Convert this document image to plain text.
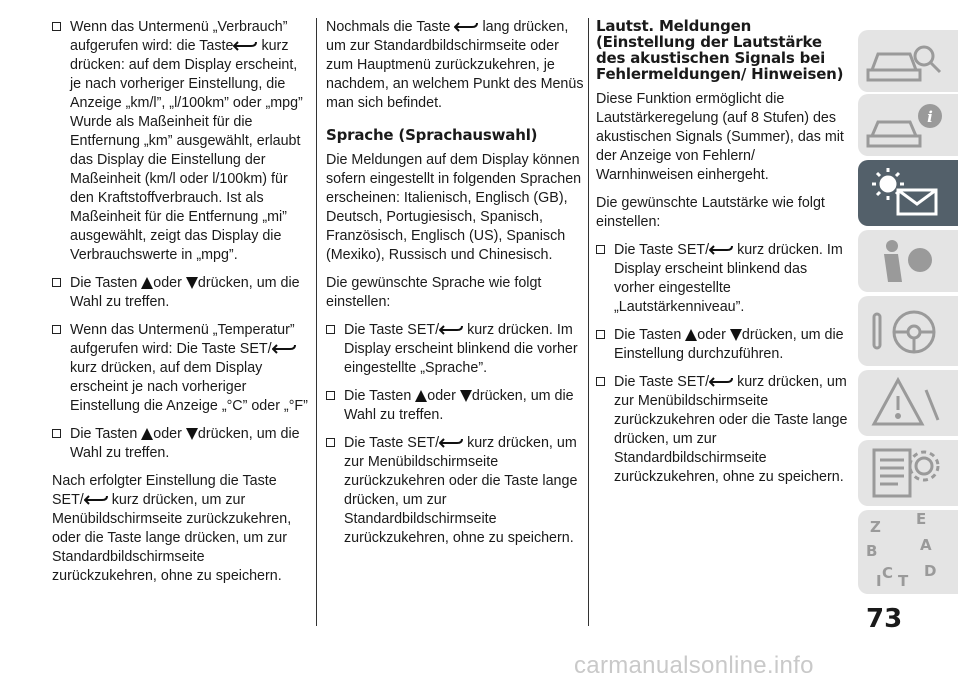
Wenn das Untermenü „Verbrauch” aufgerufen wird: die Taste kurz drücken: auf dem Display erscheint, je nach vorheriger Einstellung, die Anzeige „km/l”, „l/100km” oder „mpg” Wurde als Maßeinheit für die Entfernung „km” ausgewählt, erlaubt das Display die Einstellung der Maßeinheit (km/l oder l/100km) für den Kraftstoffverbrauch. Ist als Maßeinheit für die Entfernung „mi” ausgewählt, zeigt das Display die Verbrauchswerte in „mpg”.
Die Tasten oder drücken, um die Wahl zu treffen.
Wenn das Untermenü „Temperatur” aufgerufen wird: Die Taste SET/ kurz drücken, auf dem Display erscheint je nach vorheriger Einstellung die Anzeige „°C” oder „°F”
Die Tasten oder drücken, um die Wahl zu treffen.

Nach erfolgter Einstellung die Taste SET/ kurz drücken, um zur Menübildschirmseite zurückzukehren, oder die Taste lange drücken, um zur Standardbildschirmseite zurückzukehren, ohne zu speichern.

Nochmals die Taste lang drücken, um zur Standardbildschirmseite oder zum Hauptmenü zurückzukehren, je nachdem, an welchem Punkt des Menüs man sich befindet.

Sprache (Sprachauswahl)

Die Meldungen auf dem Display können sofern eingestellt in folgenden Sprachen erscheinen: Italienisch, Englisch (GB), Deutsch, Portugiesisch, Spanisch, Französisch, Englisch (US), Spanisch (Mexiko), Russisch und Chinesisch.

Die gewünschte Sprache wie folgt einstellen:

Die Taste SET/ kurz drücken. Im Display erscheint blinkend die vorher eingestellte „Sprache”.
Die Tasten oder drücken, um die Wahl zu treffen.
Die Taste SET/ kurz drücken, um zur Menübildschirmseite zurückzukehren oder die Taste lange drücken, um zur Standardbildschirmseite zurückzukehren, ohne zu speichern.
Lautst. Meldungen (Einstellung der Lautstärke des akustischen Signals bei Fehlermeldungen/ Hinweisen)

Diese Funktion ermöglicht die Lautstärkeregelung (auf 8 Stufen) des akustischen Signals (Summer), das mit der Anzeige von Fehlern/ Warnhinweisen einhergeht.

Die gewünschte Lautstärke wie folgt einstellen:

Die Taste SET/ kurz drücken. Im Display erscheint blinkend das vorher eingestellte „Lautstärkenniveau”.
Die Tasten oder drücken, um die Einstellung durchzuführen.
Die Taste SET/ kurz drücken, um zur Menübildschirmseite zurückzukehren oder die Taste lange drücken, um zur Standardbildschirmseite zurückzukehren, ohne zu speichern.
i
Z E
A
B
C D
T
I
73
carmanualsonline.info
